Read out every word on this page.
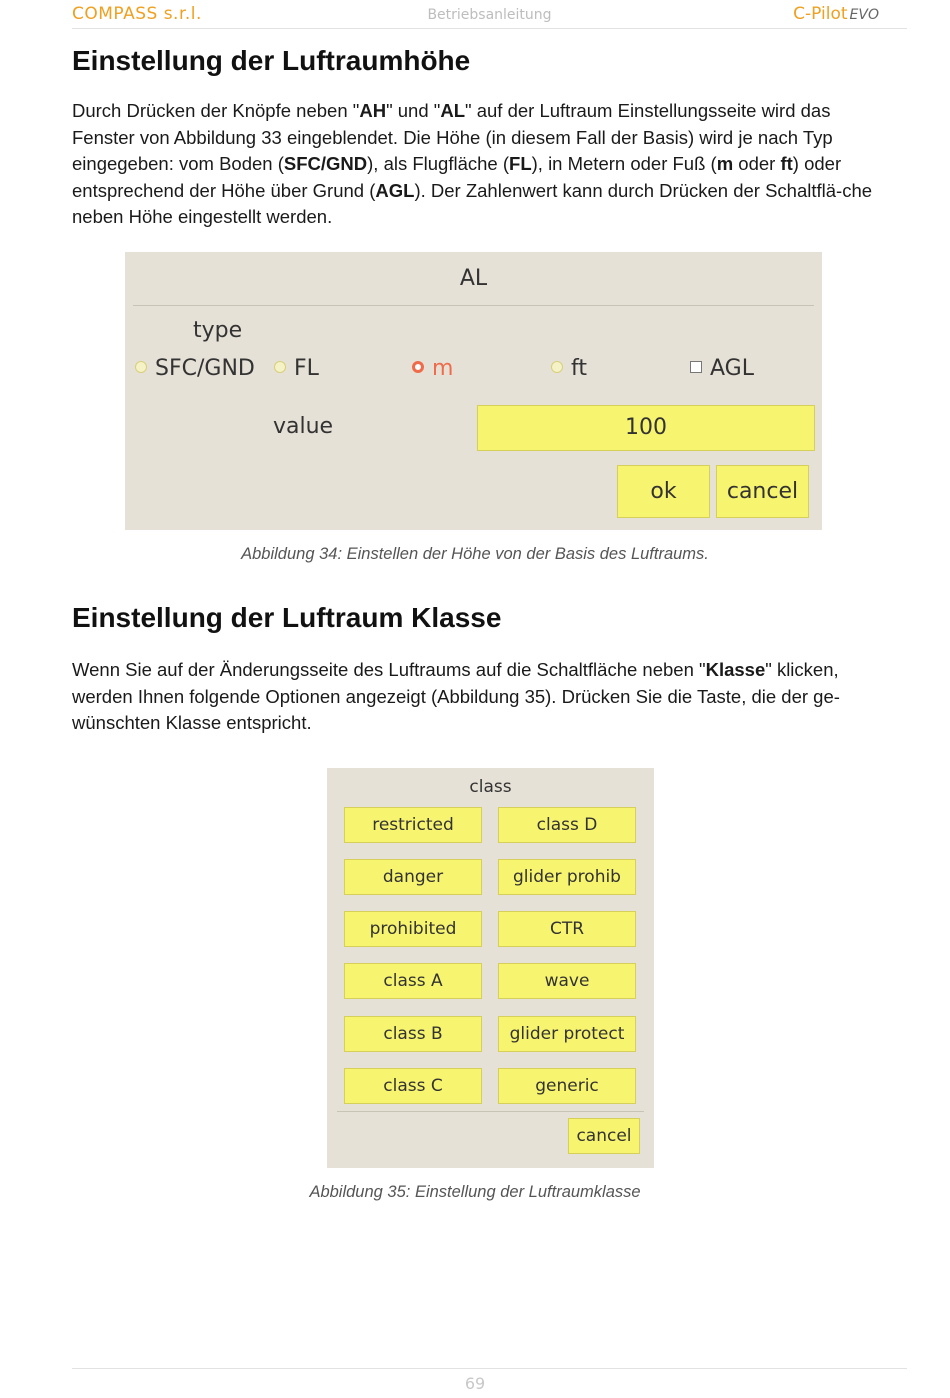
COMPASS s.r.l.	Betriebsanleitung	C-Pilot EVO
Einstellung der Luftraumhöhe

Durch Drücken der Knöpfe neben "AH" und "AL" auf der Luftraum Einstellungsseite wird das Fenster von Abbildung 33 eingeblendet. Die Höhe (in diesem Fall der Basis) wird je nach Typ eingegeben: vom Boden (SFC/GND), als Flugfläche (FL), in Metern oder Fuß (m oder ft) oder entsprechend der Höhe über Grund (AGL). Der Zahlenwert kann durch Drücken der Schaltflä-che neben Höhe eingestellt werden.

AL
type
SFC/GND	FL	m	ft	AGL
value	100
ok	cancel
Abbildung 34: Einstellen der Höhe von der Basis des Luftraums.
Einstellung der Luftraum Klasse

Wenn Sie auf der Änderungsseite des Luftraums auf die Schaltfläche neben "Klasse" klicken, werden Ihnen folgende Optionen angezeigt (Abbildung 35). Drücken Sie die Taste, die der ge-wünschten Klasse entspricht.

class
restricted	class D
danger	glider prohib
prohibited	CTR
class A	wave
class B	glider protect
class C	generic
cancel
Abbildung 35: Einstellung der Luftraumklasse
69
